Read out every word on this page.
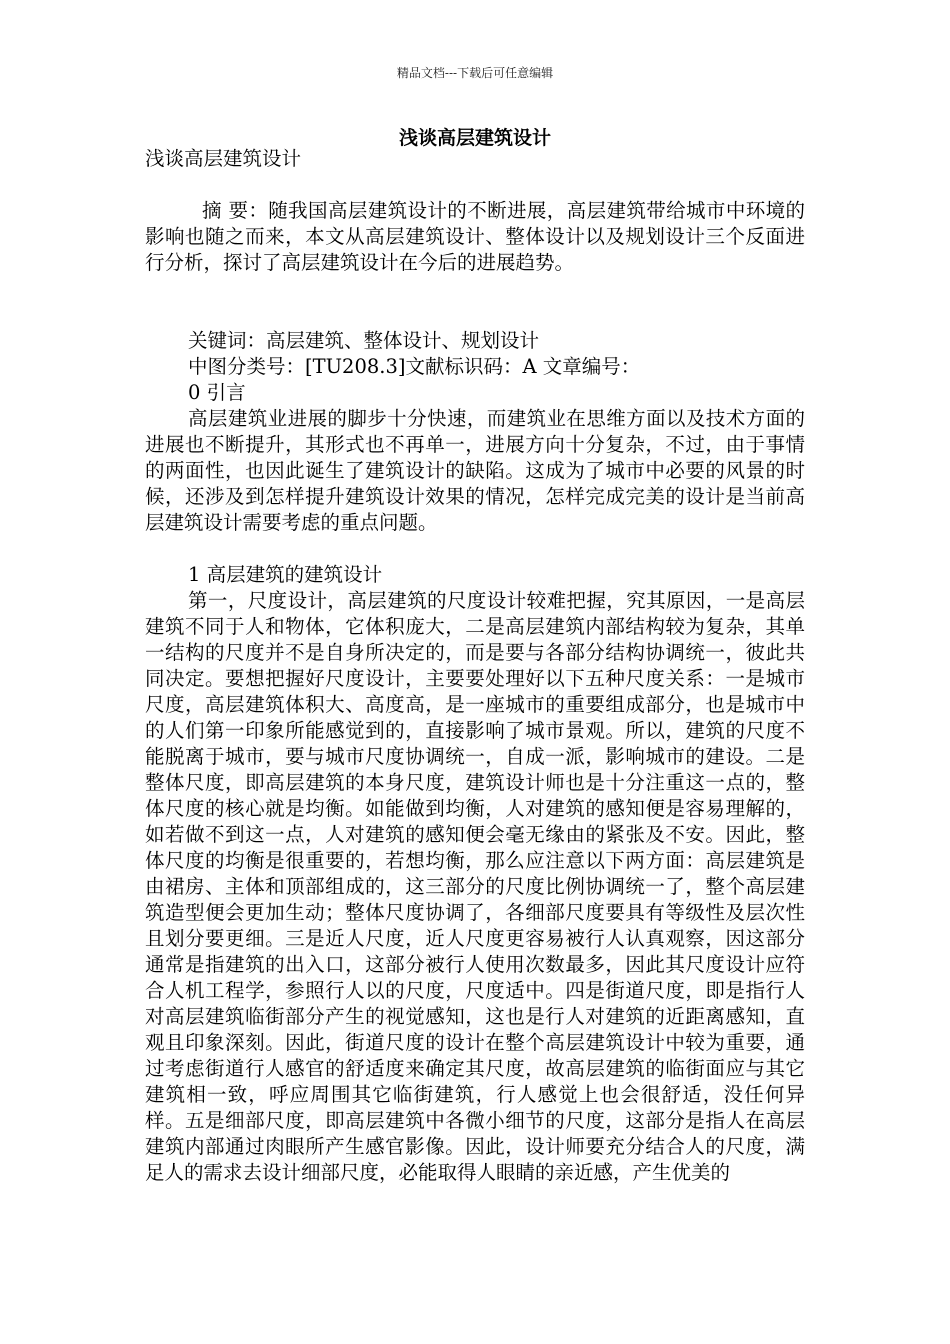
精品文档---下载后可任意编辑
浅谈高层建筑设计

浅谈高层建筑设计

摘 要：随我国高层建筑设计的不断进展，高层建筑带给城市中环境的影响也随之而来，本文从高层建筑设计、整体设计以及规划设计三个反面进行分析，探讨了高层建筑设计在今后的进展趋势。

关键词：高层建筑、整体设计、规划设计

中图分类号：[TU208.3]文献标识码：A 文章编号：

0 引言

高层建筑业进展的脚步十分快速，而建筑业在思维方面以及技术方面的进展也不断提升，其形式也不再单一，进展方向十分复杂，不过，由于事情的两面性，也因此诞生了建筑设计的缺陷。这成为了城市中必要的风景的时候，还涉及到怎样提升建筑设计效果的情况，怎样完成完美的设计是当前高层建筑设计需要考虑的重点问题。

1 高层建筑的建筑设计

第一，尺度设计，高层建筑的尺度设计较难把握，究其原因，一是高层建筑不同于人和物体，它体积庞大，二是高层建筑内部结构较为复杂，其单一结构的尺度并不是自身所决定的，而是要与各部分结构协调统一，彼此共同决定。要想把握好尺度设计，主要要处理好以下五种尺度关系：一是城市尺度，高层建筑体积大、高度高，是一座城市的重要组成部分，也是城市中的人们第一印象所能感觉到的，直接影响了城市景观。所以，建筑的尺度不能脱离于城市，要与城市尺度协调统一，自成一派，影响城市的建设。二是整体尺度，即高层建筑的本身尺度，建筑设计师也是十分注重这一点的，整体尺度的核心就是均衡。如能做到均衡，人对建筑的感知便是容易理解的，如若做不到这一点，人对建筑的感知便会毫无缘由的紧张及不安。因此，整体尺度的均衡是很重要的，若想均衡，那么应注意以下两方面：高层建筑是由裙房、主体和顶部组成的，这三部分的尺度比例协调统一了，整个高层建筑造型便会更加生动；整体尺度协调了，各细部尺度要具有等级性及层次性且划分要更细。三是近人尺度，近人尺度更容易被行人认真观察，因这部分通常是指建筑的出入口，这部分被行人使用次数最多，因此其尺度设计应符合人机工程学，参照行人以的尺度，尺度适中。四是街道尺度，即是指行人对高层建筑临街部分产生的视觉感知，这也是行人对建筑的近距离感知，直观且印象深刻。因此，街道尺度的设计在整个高层建筑设计中较为重要，通过考虑街道行人感官的舒适度来确定其尺度，故高层建筑的临街面应与其它建筑相一致，呼应周围其它临街建筑，行人感觉上也会很舒适，没任何异样。五是细部尺度，即高层建筑中各微小细节的尺度，这部分是指人在高层建筑内部通过肉眼所产生感官影像。因此，设计师要充分结合人的尺度，满足人的需求去设计细部尺度，必能取得人眼睛的亲近感，产生优美的
